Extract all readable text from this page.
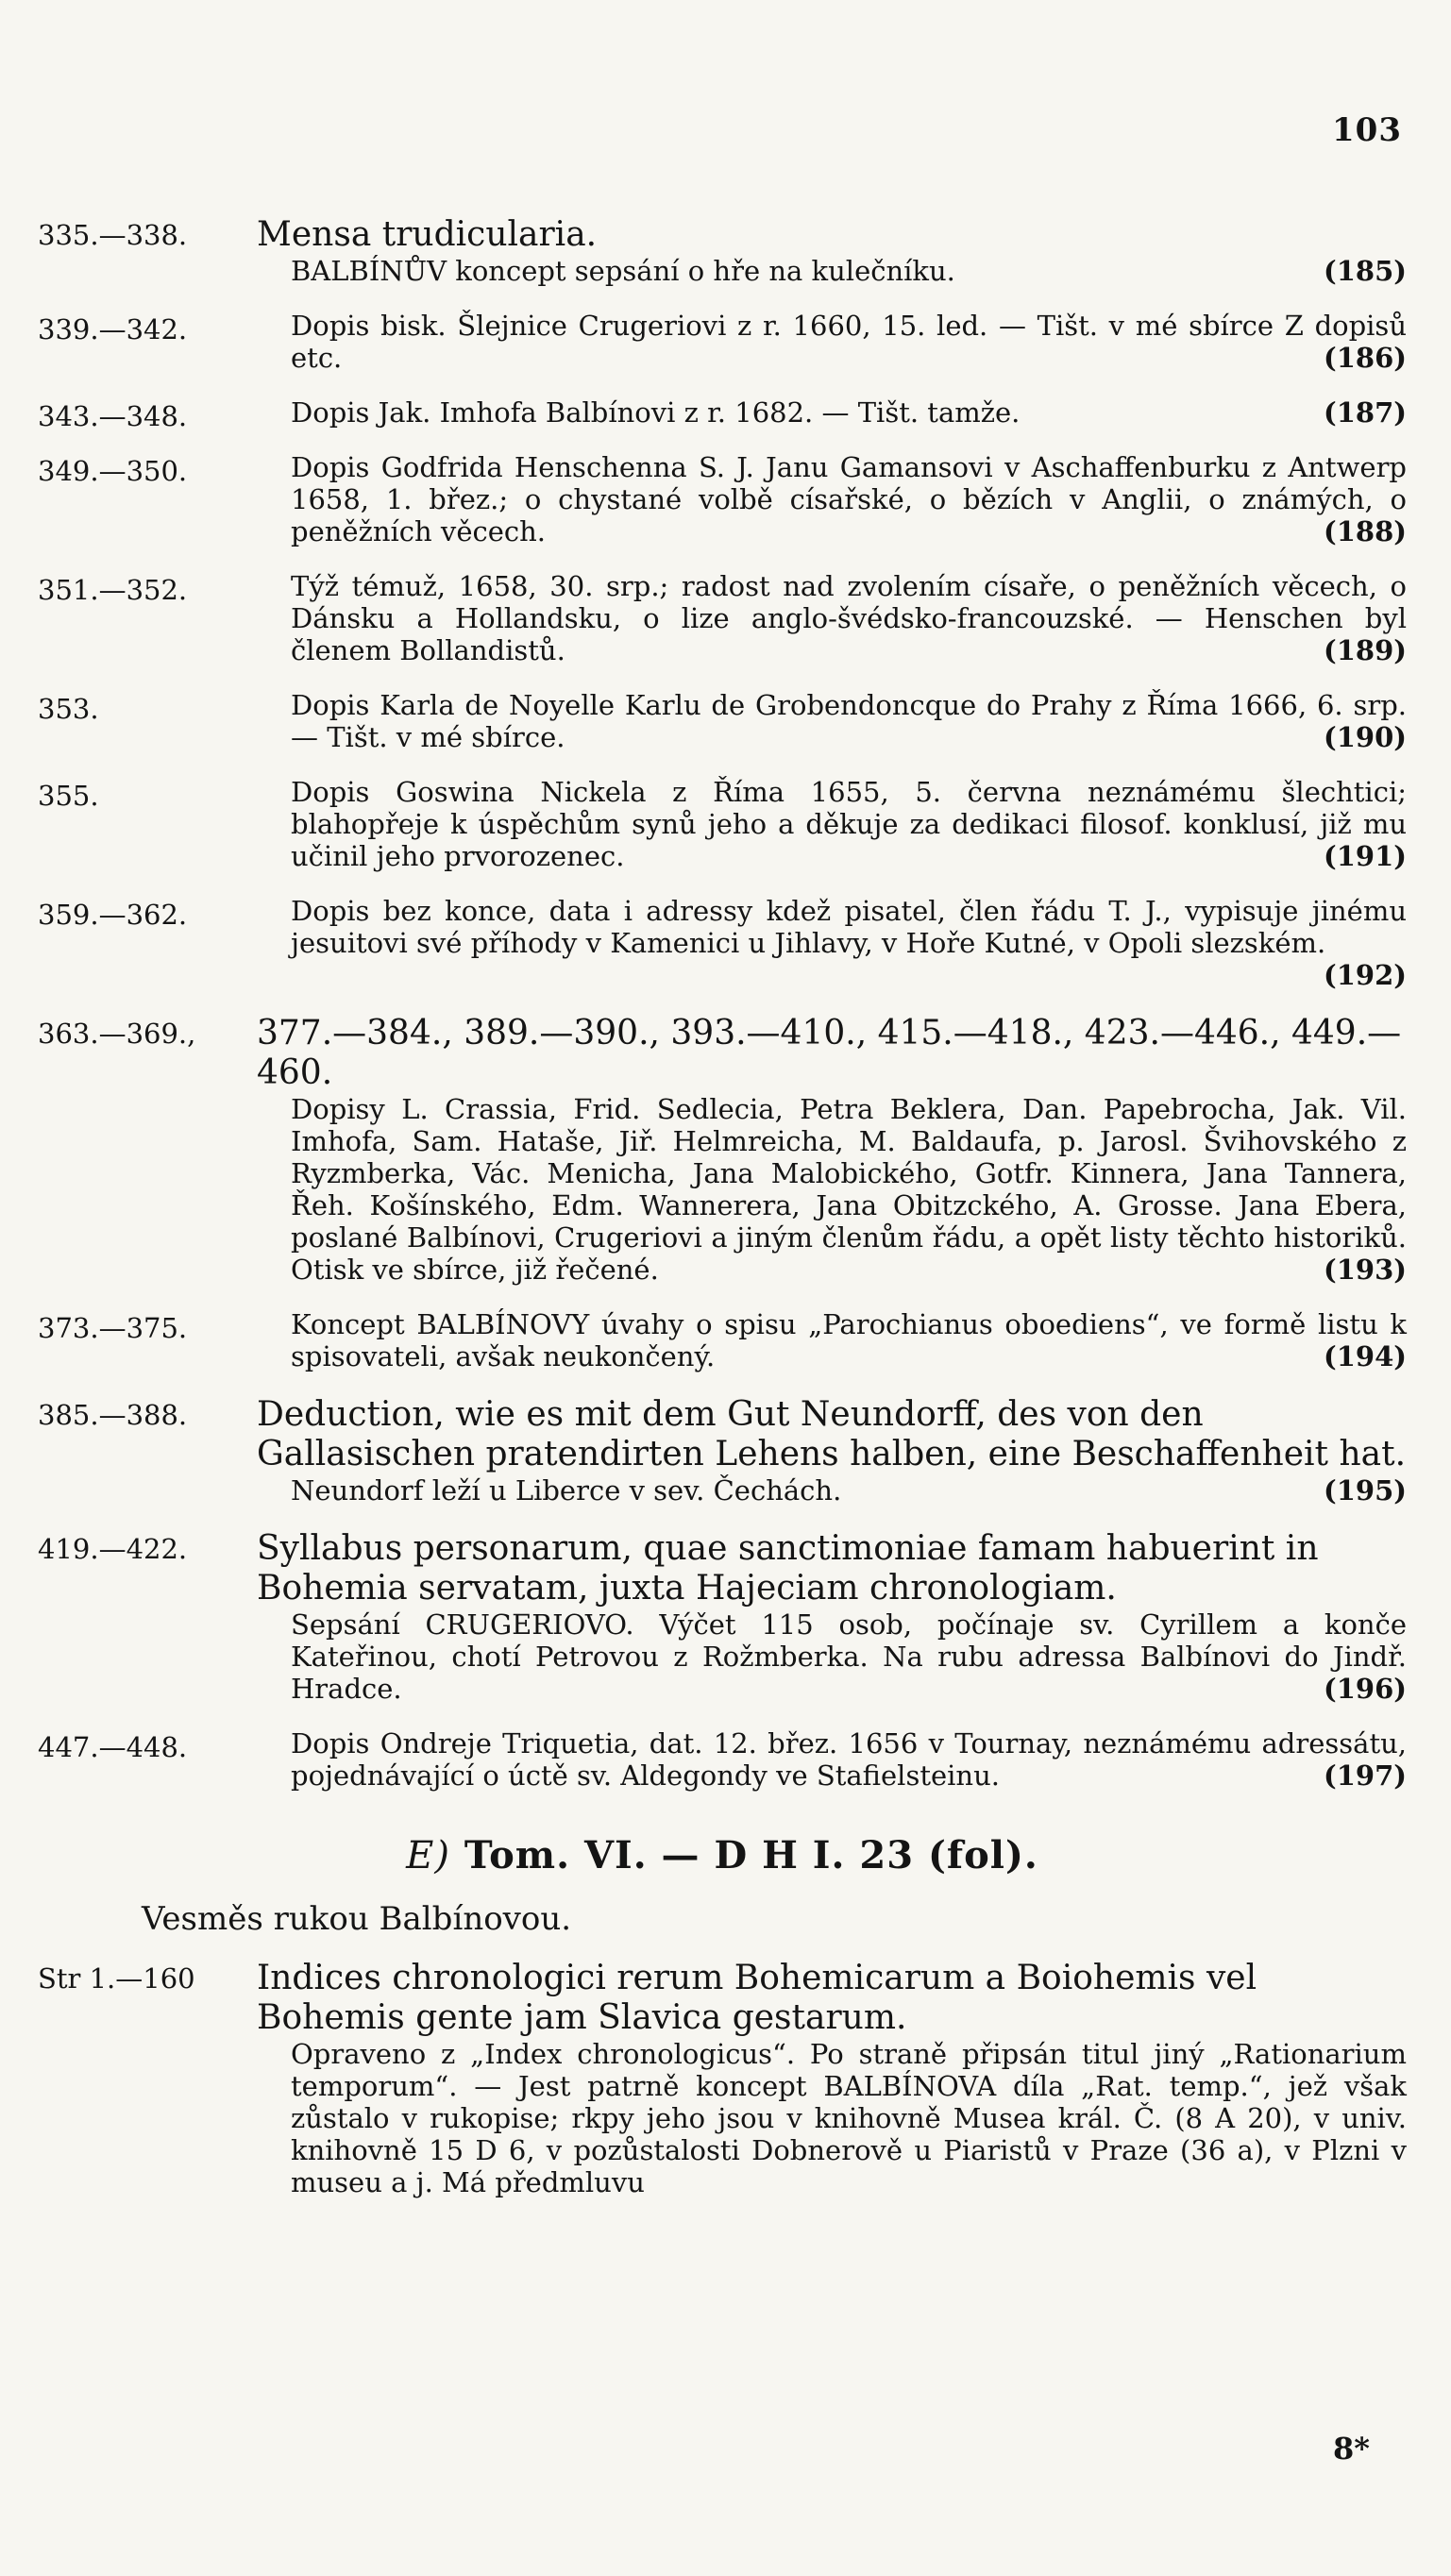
103
335.—338.	Mensa trudicularia.
BALBÍNŮV koncept sepsání o hře na kulečníku.	(185)
339.—342.	Dopis bisk. Šlejnice Crugeriovi z r. 1660, 15. led. — Tišt. v mé sbírce Z dopisů etc.	(186)
343.—348.	Dopis Jak. Imhofa Balbínovi z r. 1682. — Tišt. tamže.	(187)
349.—350.	Dopis Godfrida Henschenna S. J. Janu Gamansovi v Aschaffenburku z Antwerp 1658, 1. břez.; o chystané volbě císařské, o bězích v Anglii, o známých, o peněžních věcech.	(188)
351.—352.	Týž témuž, 1658, 30. srp.; radost nad zvolením císaře, o peněžních věcech, o Dánsku a Hollandsku, o lize anglo-švédsko-francouzské. — Henschen byl členem Bollandistů.	(189)
353.	Dopis Karla de Noyelle Karlu de Grobendoncque do Prahy z Říma 1666, 6. srp. — Tišt. v mé sbírce.	(190)
355.	Dopis Goswina Nickela z Říma 1655, 5. června neznámému šlechtici; blahopřeje k úspěchům synů jeho a děkuje za dedikaci filosof. konklusí, již mu učinil jeho prvorozenec.	(191)
359.—362.	Dopis bez konce, data i adressy kdež pisatel, člen řádu T. J., vypisuje jinému jesuitovi své příhody v Kamenici u Jihlavy, v Hoře Kutné, v Opoli slezském.
(192)
363.—369.,	377.—384., 389.—390., 393.—410., 415.—418., 423.—446., 449.—460.
Dopisy L. Crassia, Frid. Sedlecia, Petra Beklera, Dan. Papebrocha, Jak. Vil. Imhofa, Sam. Hataše, Jiř. Helmreicha, M. Baldaufa, p. Jarosl. Švihovského z Ryzmberka, Vác. Menicha, Jana Malobického, Gotfr. Kinnera, Jana Tannera, Řeh. Košínského, Edm. Wannerera, Jana Obitzckého, A. Grosse. Jana Ebera, poslané Balbínovi, Crugeriovi a jiným členům řádu, a opět listy těchto historiků. Otisk ve sbírce, již řečené.	(193)
373.—375.	Koncept BALBÍNOVY úvahy o spisu „Parochianus oboediens“, ve formě listu k spisovateli, avšak neukončený.	(194)
385.—388.	Deduction, wie es mit dem Gut Neundorff, des von den Gallasischen pratendirten Lehens halben, eine Beschaffenheit hat.
Neundorf leží u Liberce v sev. Čechách.	(195)
419.—422.	Syllabus personarum, quae sanctimoniae famam habuerint in Bohemia servatam, juxta Hajeciam chronologiam.
Sepsání CRUGERIOVO. Výčet 115 osob, počínaje sv. Cyrillem a konče Kateřinou, chotí Petrovou z Rožmberka. Na rubu adressa Balbínovi do Jindř. Hradce.	(196)
447.—448.	Dopis Ondreje Triquetia, dat. 12. břez. 1656 v Tournay, neznámému adressátu, pojednávající o úctě sv. Aldegondy ve Stafielsteinu.	(197)
E) Tom. VI. — D H I. 23 (fol).
Vesměs rukou Balbínovou.
Str 1.—160	Indices chronologici rerum Bohemicarum a Boiohemis vel Bohemis gente jam Slavica gestarum.
Opraveno z „Index chronologicus“. Po straně připsán titul jiný „Rationarium temporum“. — Jest patrně koncept BALBÍNOVA díla „Rat. temp.“, jež však zůstalo v rukopise; rkpy jeho jsou v knihovně Musea král. Č. (8 A 20), v univ. knihovně 15 D 6, v pozůstalosti Dobnerově u Piaristů v Praze (36 a), v Plzni v museu a j. Má předmluvu
8*
